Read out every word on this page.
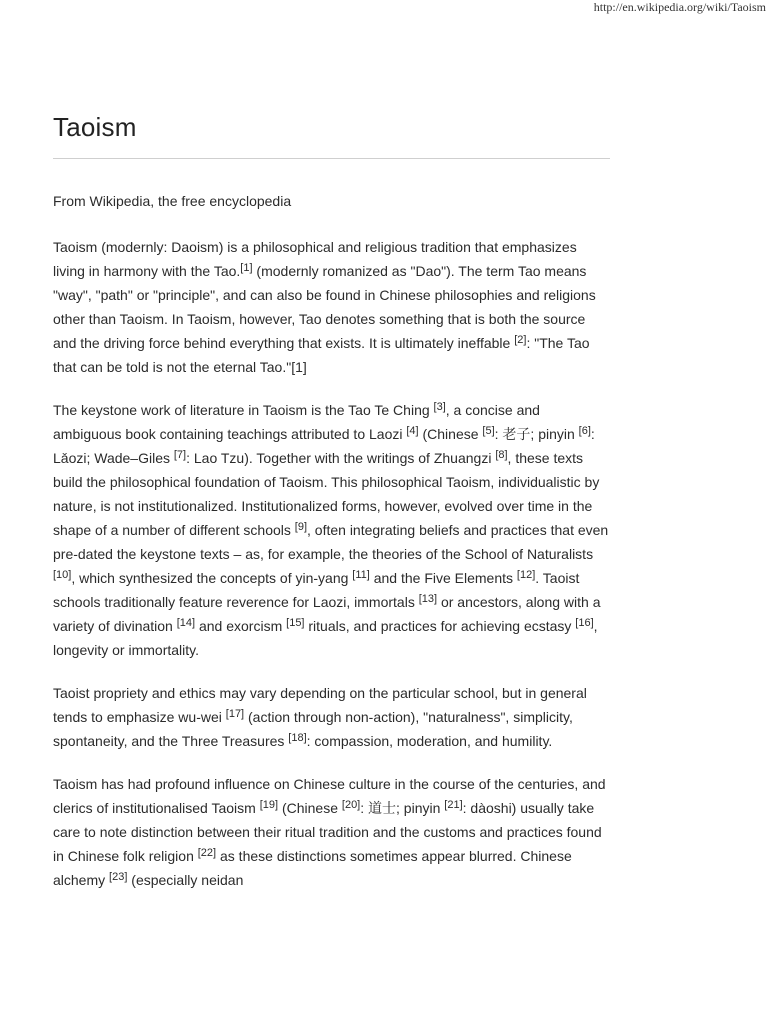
http://en.wikipedia.org/wiki/Taoism
Taoism

From Wikipedia, the free encyclopedia

Taoism (modernly: Daoism) is a philosophical and religious tradition that emphasizes living in harmony with the Tao.[1] (modernly romanized as "Dao"). The term Tao means "way", "path" or "principle", and can also be found in Chinese philosophies and religions other than Taoism. In Taoism, however, Tao denotes something that is both the source and the driving force behind everything that exists. It is ultimately ineffable [2]: "The Tao that can be told is not the eternal Tao."[1]

The keystone work of literature in Taoism is the Tao Te Ching [3], a concise and ambiguous book containing teachings attributed to Laozi [4] (Chinese [5]: 老子; pinyin [6]: Lǎozi; Wade–Giles [7]: Lao Tzu). Together with the writings of Zhuangzi [8], these texts build the philosophical foundation of Taoism. This philosophical Taoism, individualistic by nature, is not institutionalized. Institutionalized forms, however, evolved over time in the shape of a number of different schools [9], often integrating beliefs and practices that even pre-dated the keystone texts – as, for example, the theories of the School of Naturalists [10], which synthesized the concepts of yin-yang [11] and the Five Elements [12]. Taoist schools traditionally feature reverence for Laozi, immortals [13] or ancestors, along with a variety of divination [14] and exorcism [15] rituals, and practices for achieving ecstasy [16], longevity or immortality.

Taoist propriety and ethics may vary depending on the particular school, but in general tends to emphasize wu-wei [17] (action through non-action), "naturalness", simplicity, spontaneity, and the Three Treasures [18]: compassion, moderation, and humility.

Taoism has had profound influence on Chinese culture in the course of the centuries, and clerics of institutionalised Taoism [19] (Chinese [20]: 道士; pinyin [21]: dàoshi) usually take care to note distinction between their ritual tradition and the customs and practices found in Chinese folk religion [22] as these distinctions sometimes appear blurred. Chinese alchemy [23] (especially neidan
